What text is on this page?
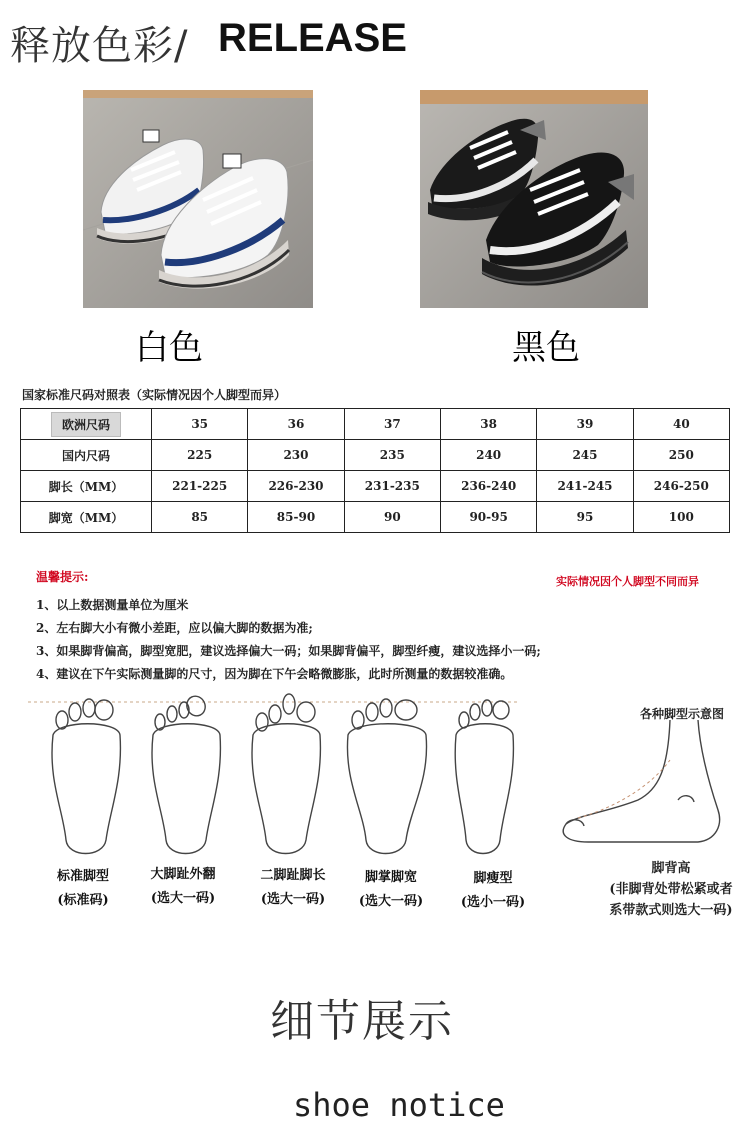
释放色彩/ RELEASE
白色	黑色
国家标准尺码对照表（实际情况因个人脚型而异）
欧洲尺码	35	36	37	38	39	40
国内尺码	225	230	235	240	245	250
脚长（MM）	221-225	226-230	231-235	236-240	241-245	246-250
脚宽（MM）	85	85-90	90	90-95	95	100
温馨提示:	实际情况因个人脚型不同而异
1、以上数据测量单位为厘米
2、左右脚大小有微小差距，应以偏大脚的数据为准;
3、如果脚背偏高，脚型宽肥，建议选择偏大一码；如果脚背偏平，脚型纤瘦，建议选择小一码;
4、建议在下午实际测量脚的尺寸，因为脚在下午会略微膨胀，此时所测量的数据较准确。
标准脚型
(标准码)
大脚趾外翻
(选大一码)
二脚趾脚长
(选大一码)
脚掌脚宽
(选大一码)
脚瘦型
(选小一码)
各种脚型示意图
脚背高
(非脚背处带松紧或者
系带款式则选大一码)
细节展示
shoe notice
